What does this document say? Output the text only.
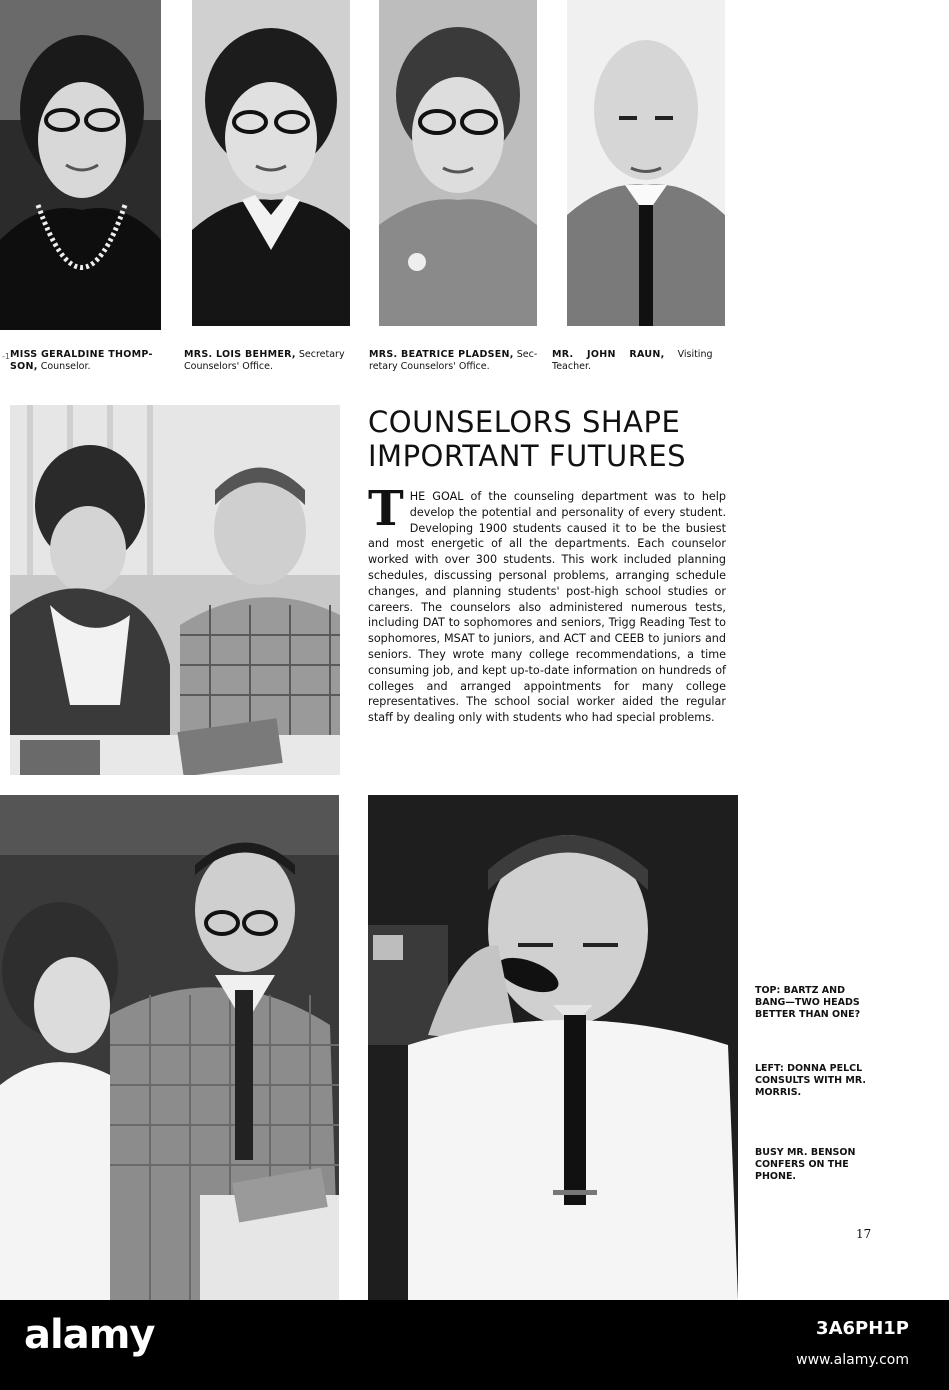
MISS GERALDINE THOMP-
SON, Counselor.
MRS. LOIS BEHMER, Secretary
Counselors' Office.
MRS. BEATRICE PLADSEN, Sec-
retary Counselors' Office.
MR. JOHN RAUN, Visiting
Teacher.
-1
COUNSELORS SHAPE
IMPORTANT FUTURES
T HE GOAL of the counseling department was to help develop the potential and personality of every student. Developing 1900 students caused it to be the busiest and most energetic of all the departments. Each counselor worked with over 300 students. This work included planning schedules, discussing personal problems, arranging schedule changes, and planning students' post-high school studies or careers. The counselors also administered numerous tests, including DAT to sophomores and seniors, Trigg Reading Test to sophomores, MSAT to juniors, and ACT and CEEB to juniors and seniors. They wrote many college recommendations, a time consuming job, and kept up-to-date information on hundreds of colleges and arranged appointments for many college representatives. The school social worker aided the regular staff by dealing only with students who had special problems.
TOP: BARTZ AND BANG—TWO HEADS BETTER THAN ONE?
LEFT: DONNA PELCL CONSULTS WITH MR. MORRIS.
BUSY MR. BENSON CONFERS ON THE PHONE.
17
alamy	3A6PH1P
www.alamy.com
